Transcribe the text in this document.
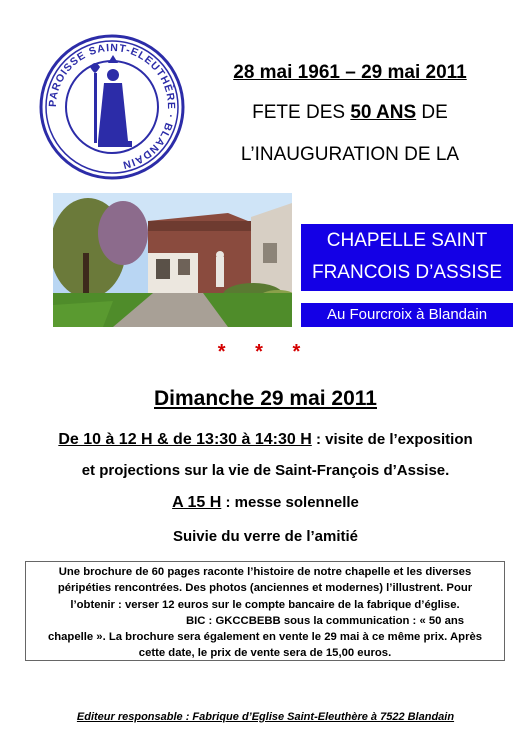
PAROISSE SAINT-ELEUTHÈRE · BLANDAIN
28 mai 1961 – 29 mai 2011
FETE DES 50 ANS DE
L’INAUGURATION DE LA
CHAPELLE SAINT
FRANCOIS D’ASSISE
Au Fourcroix à Blandain
* * *
Dimanche 29 mai 2011
De 10 à 12 H & de 13:30 à 14:30 H : visite de l’exposition
et projections sur la vie de Saint-François d’Assise.
A 15 H : messe solennelle
Suivie du verre de l’amitié

Une brochure de 60 pages raconte l’histoire de notre chapelle et les diverses

péripéties rencontrées. Des photos (anciennes et modernes) l’illustrent. Pour

l’obtenir : verser 12 euros sur le compte bancaire de la fabrique d’église.

BIC : GKCCBEBB sous la communication : « 50 ans

chapelle ». La brochure sera également en vente le 29 mai à ce même prix. Après

cette date, le prix de vente sera de 15,00 euros.

Editeur responsable : Fabrique d’Eglise Saint-Eleuthère à 7522 Blandain
